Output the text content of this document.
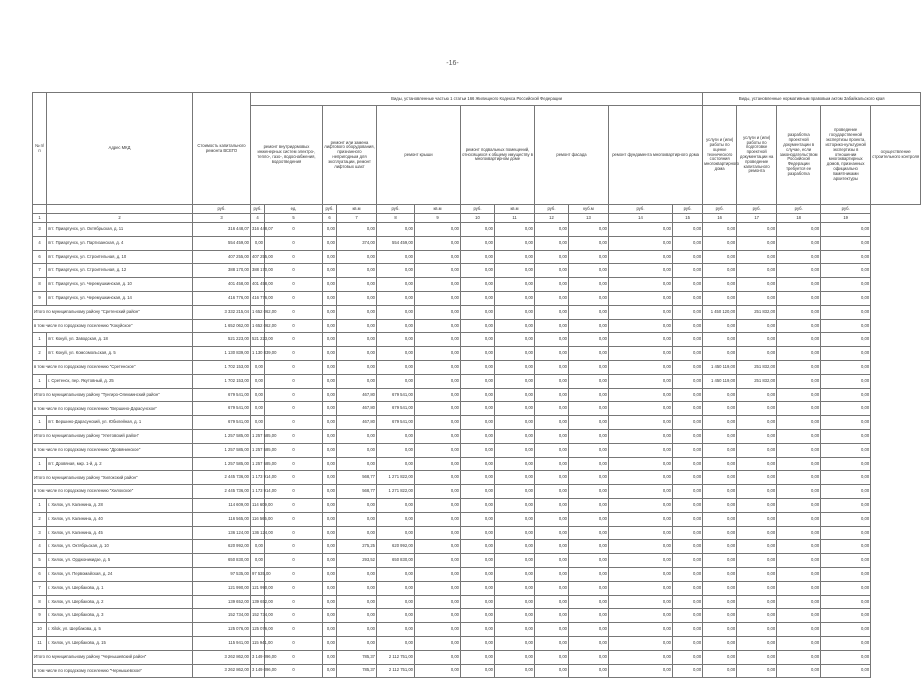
-16-
№ п/п	Адрес МКД	Стоимость капитального ремонта ВСЕГО	Виды, установленные частью 1 статьи 166 Жилищного Кодекса Российской Федерации												Виды, установленные нормативным правовым актом Забайкальского края				
			ремонт внутридомовых инженерных систем электро-, тепло-, газо-, водоснабжения, водоотведения		ремонт или замена лифтового оборудования, признанного непригодным для эксплуатации, ремонт лифтовых шахт		ремонт крыши		ремонт подвальных помещений, относящихся к общему имуществу в многоквартирном доме		ремонт фасада		ремонт фундамента многоквартирного дома		услуги и (или) работы по оценке технического состояния многоквартирного дома	услуги и (или) работы по подготовке проектной документации на проведение капитального ремонта	разработка проектной документации в случае, если законодательством Российской Федерации требуется ее разработка	проведение государственной экспертизы проекта, историко-культурной экспертизы в отношении многоквартирных домов, признанных официально памятниками архитектуры	осуществление строительного контроля
		руб.	руб.	ед.	руб.	кв.м	руб.	кв.м	руб.	кв.м	руб.	куб.м	руб.	руб.	руб.	руб.	руб.	руб.	
1	2	3	4	5	6	7	8	9	10	11	12	13	14	15	16	17	18	19	
3	пгт. Приаргунск, ул. Октябрьская, д. 11	316 448,07	316 448,07	0	0,00	0,00	0,00	0,00	0,00	0,00	0,00	0,00	0,00	0,00	0,00	0,00	0,00	0,00	
4	пгт. Приаргунск, ул. Партизанская, д. 4	554 459,00	0,00	0	0,00	374,00	554 459,00	0,00	0,00	0,00	0,00	0,00	0,00	0,00	0,00	0,00	0,00	0,00	
6	пгт. Приаргунск, ул. Строительная, д. 10	407 255,00	407 255,00	0	0,00	0,00	0,00	0,00	0,00	0,00	0,00	0,00	0,00	0,00	0,00	0,00	0,00	0,00	
7	пгт. Приаргунск, ул. Строительная, д. 12	388 170,00	388 170,00	0	0,00	0,00	0,00	0,00	0,00	0,00	0,00	0,00	0,00	0,00	0,00	0,00	0,00	0,00	
8	пгт. Приаргунск, ул. Черемушкинская, д. 10	401 458,00	401 458,00	0	0,00	0,00	0,00	0,00	0,00	0,00	0,00	0,00	0,00	0,00	0,00	0,00	0,00	0,00	
9	пгт. Приаргунск, ул. Черемушкинская, д. 14	416 776,00	416 776,00	0	0,00	0,00	0,00	0,00	0,00	0,00	0,00	0,00	0,00	0,00	0,00	0,00	0,00	0,00	
Итого по муниципальному району "Сретенский район"		3 332 215,04	1 652 062,00	0	0,00	0,00	0,00	0,00	0,00	0,00	0,00	0,00	0,00	0,00	1 450 120,00	251 832,00	0,00	0,00	
в том числе по городскому поселению "Кокуйское"		1 652 062,00	1 652 062,00	0	0,00	0,00	0,00	0,00	0,00	0,00	0,00	0,00	0,00	0,00	0,00	0,00	0,00	0,00	
1	пгт. Кокуй, ул. Заводская, д. 18	521 223,00	521 223,00	0	0,00	0,00	0,00	0,00	0,00	0,00	0,00	0,00	0,00	0,00	0,00	0,00	0,00	0,00	
2	пгт. Кокуй, ул. Комсомольская, д. 5	1 130 839,00	1 130 839,00	0	0,00	0,00	0,00	0,00	0,00	0,00	0,00	0,00	0,00	0,00	0,00	0,00	0,00	0,00	
в том числе по городскому поселению "Сретенское"		1 702 153,00	0,00	0	0,00	0,00	0,00	0,00	0,00	0,00	0,00	0,00	0,00	0,00	1 450 119,00	251 832,00	0,00	0,00	
1	г. Сретенск, пер. Якутовный, д. 25	1 702 153,00	0,00	0	0,00	0,00	0,00	0,00	0,00	0,00	0,00	0,00	0,00	0,00	1 450 119,00	251 832,00	0,00	0,00	
Итого по муниципальному району "Тунгиро-Олекминский район"		679 541,00	0,00	0	0,00	467,80	679 541,00	0,00	0,00	0,00	0,00	0,00	0,00	0,00	0,00	0,00	0,00	0,00	
в том числе по городскому поселению "Вершино-Дарасунское"		679 541,00	0,00	0	0,00	467,80	679 541,00	0,00	0,00	0,00	0,00	0,00	0,00	0,00	0,00	0,00	0,00	0,00	
1	пгт. Вершино-Дарасунский, ул. Юбилейная, д. 1	679 541,00	0,00	0	0,00	467,80	679 541,00	0,00	0,00	0,00	0,00	0,00	0,00	0,00	0,00	0,00	0,00	0,00	
Итого по муниципальному району "Улетовский район"		1 257 585,00	1 257 585,00	0	0,00	0,00	0,00	0,00	0,00	0,00	0,00	0,00	0,00	0,00	0,00	0,00	0,00	0,00	
в том числе по городскому поселению "Дровянинское"		1 257 585,00	1 257 585,00	0	0,00	0,00	0,00	0,00	0,00	0,00	0,00	0,00	0,00	0,00	0,00	0,00	0,00	0,00	
1	пгт. Дровяная, мкр. 1-й, д. 2	1 257 585,00	1 257 585,00	0	0,00	0,00	0,00	0,00	0,00	0,00	0,00	0,00	0,00	0,00	0,00	0,00	0,00	0,00	
Итого по муниципальному району "Хилокский район"		2 445 736,00	1 173 914,00	0	0,00	568,77	1 271 822,00	0,00	0,00	0,00	0,00	0,00	0,00	0,00	0,00	0,00	0,00	0,00	
в том числе по городскому поселению "Хилокское"		2 445 736,00	1 173 914,00	0	0,00	568,77	1 271 822,00	0,00	0,00	0,00	0,00	0,00	0,00	0,00	0,00	0,00	0,00	0,00	
1	г. Хилок, ул. Калинина, д. 28	114 609,00	114 609,00	0	0,00	0,00	0,00	0,00	0,00	0,00	0,00	0,00	0,00	0,00	0,00	0,00	0,00	0,00	
2	г. Хилок, ул. Калинина, д. 40	116 565,00	116 565,00	0	0,00	0,00	0,00	0,00	0,00	0,00	0,00	0,00	0,00	0,00	0,00	0,00	0,00	0,00	
3	г. Хилок, ул. Калинина, д. 45	136 124,00	136 124,00	0	0,00	0,00	0,00	0,00	0,00	0,00	0,00	0,00	0,00	0,00	0,00	0,00	0,00	0,00	
4	г. Хилок, ул. Октябрьская, д. 10	620 992,00	0,00	0	0,00	275,25	620 992,00	0,00	0,00	0,00	0,00	0,00	0,00	0,00	0,00	0,00	0,00	0,00	
5	г. Хилок, ул. Орджоникидзе, д. 5	650 830,00	0,00	0	0,00	293,52	650 830,00	0,00	0,00	0,00	0,00	0,00	0,00	0,00	0,00	0,00	0,00	0,00	
6	г. Хилок, ул. Первомайская, д. 24	97 535,00	97 535,00	0	0,00	0,00	0,00	0,00	0,00	0,00	0,00	0,00	0,00	0,00	0,00	0,00	0,00	0,00	
7	г. Хилок, ул. Шербакова, д. 1	121 990,00	121 990,00	0	0,00	0,00	0,00	0,00	0,00	0,00	0,00	0,00	0,00	0,00	0,00	0,00	0,00	0,00	
8	г. Хилок, ул. Шербакова, д. 2	139 652,00	139 652,00	0	0,00	0,00	0,00	0,00	0,00	0,00	0,00	0,00	0,00	0,00	0,00	0,00	0,00	0,00	
9	г. Хилок, ул. Шербакова, д. 3	152 734,00	152 734,00	0	0,00	0,00	0,00	0,00	0,00	0,00	0,00	0,00	0,00	0,00	0,00	0,00	0,00	0,00	
10	г. Хilok, ул. Шербакова, д. 5	125 076,00	125 076,00	0	0,00	0,00	0,00	0,00	0,00	0,00	0,00	0,00	0,00	0,00	0,00	0,00	0,00	0,00	
11	г. Хилок, ул. Шербакова, д. 15	115 941,00	115 941,00	0	0,00	0,00	0,00	0,00	0,00	0,00	0,00	0,00	0,00	0,00	0,00	0,00	0,00	0,00	
Итого по муниципальному району "Чернышевский район"		3 262 862,00	3 149 096,00	0	0,00	785,37	2 112 751,00	0,00	0,00	0,00	0,00	0,00	0,00	0,00	0,00	0,00	0,00	0,00	
в том числе по городскому поселению "Чернышевское"		3 262 862,00	3 149 096,00	0	0,00	785,37	2 112 751,00	0,00	0,00	0,00	0,00	0,00	0,00	0,00	0,00	0,00	0,00	0,00	
